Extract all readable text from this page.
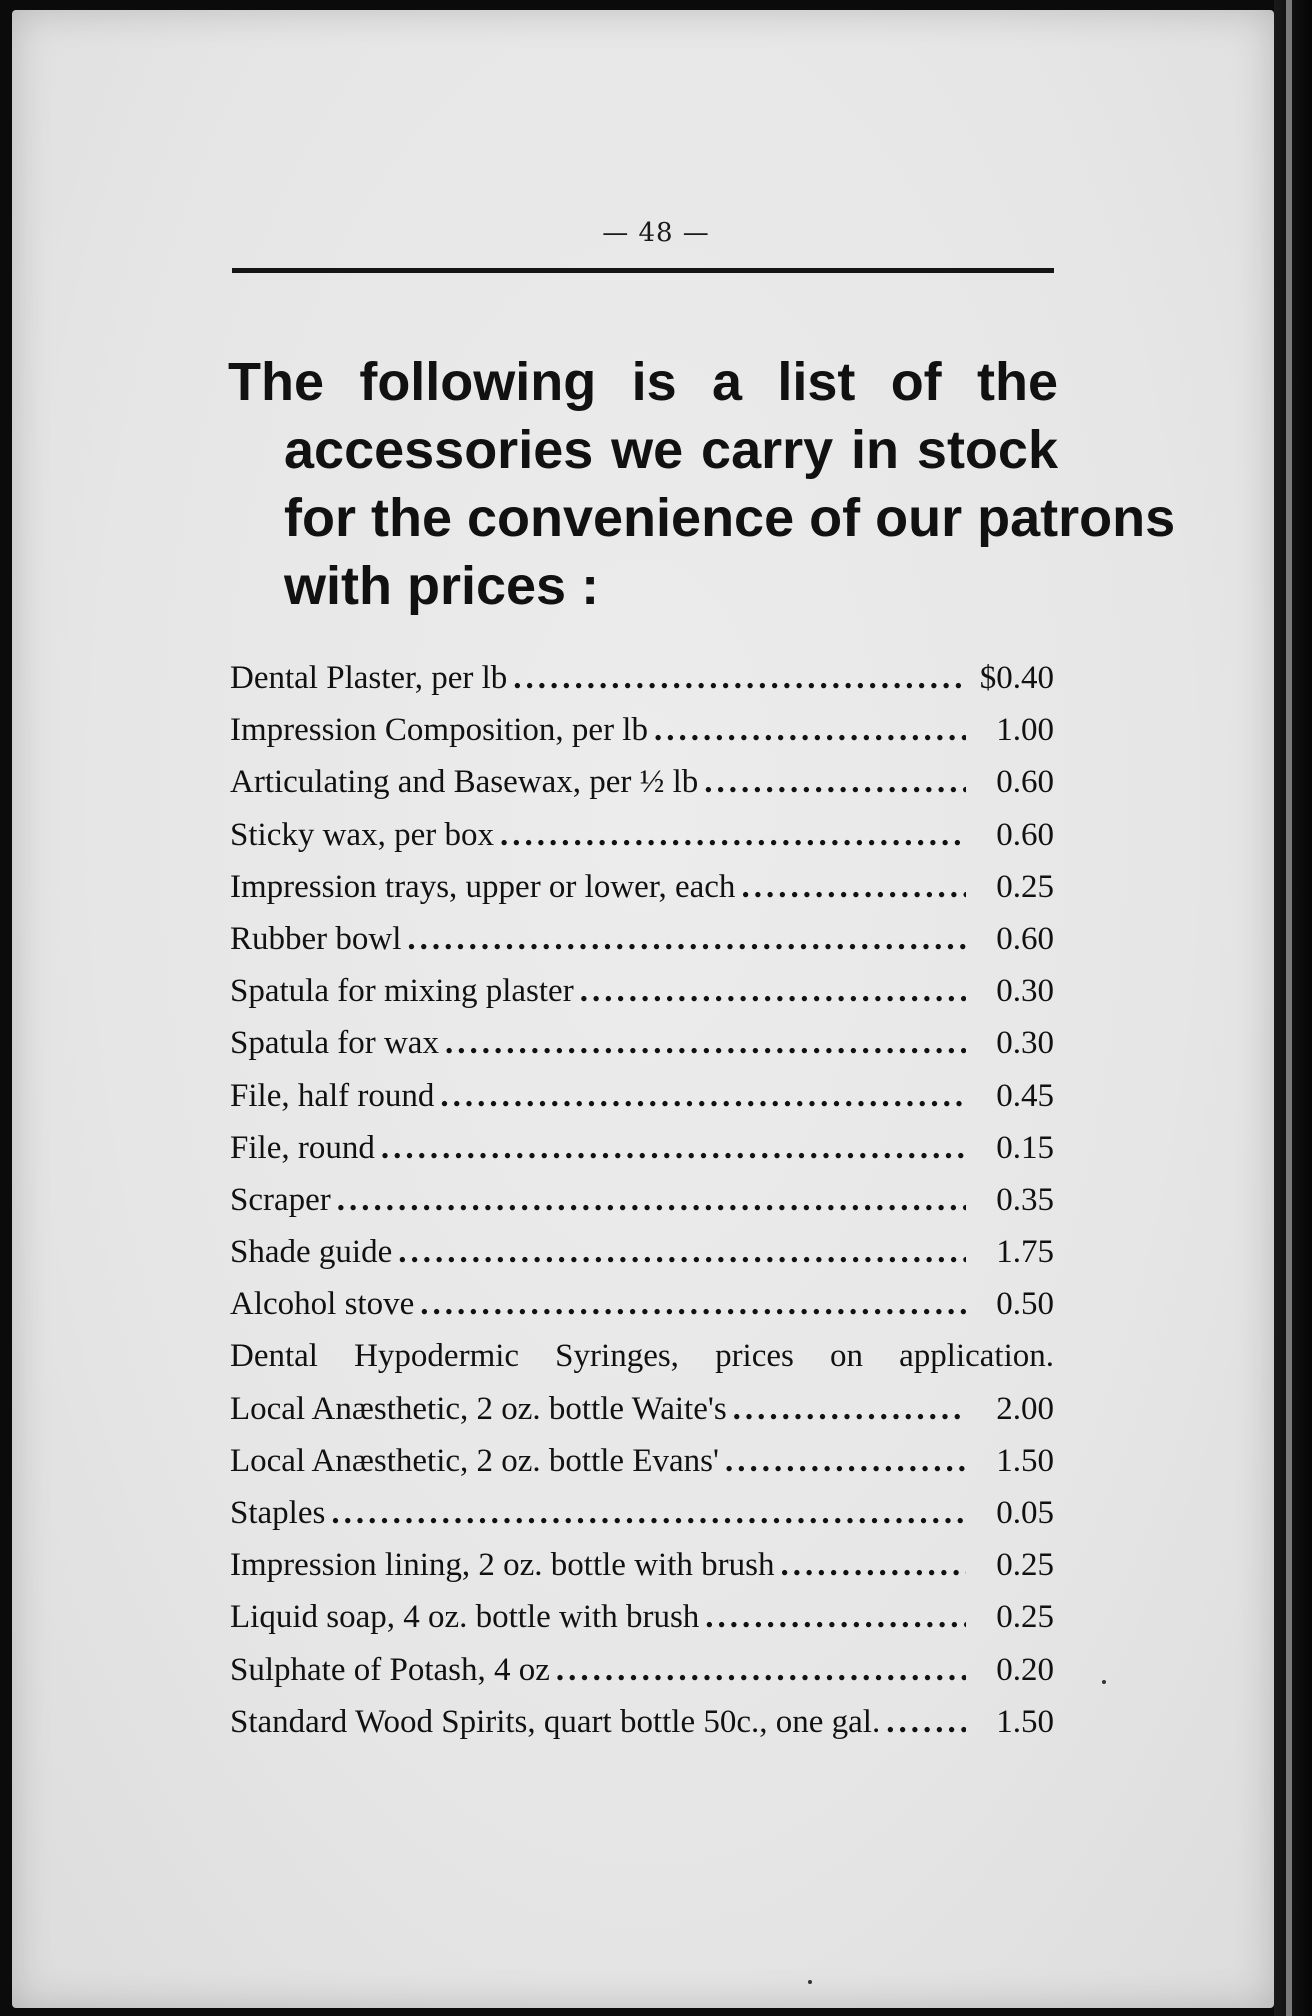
— 48 —
The following is a list of the
accessories we carry in stock
for the convenience of our patrons
with prices :
Dental Plaster, per lb .....	$0.40
Impression Composition, per lb .....	1.00
Articulating and Basewax, per ½ lb .....	0.60
Sticky wax, per box .....	0.60
Impression trays, upper or lower, each .....	0.25
Rubber bowl .....	0.60
Spatula for mixing plaster .....	0.30
Spatula for wax .....	0.30
File, half round .....	0.45
File, round .....	0.15
Scraper .....	0.35
Shade guide .....	1.75
Alcohol stove .....	0.50
Dental Hypodermic Syringes, prices on application.
Local Anæsthetic, 2 oz. bottle Waite's .....	2.00
Local Anæsthetic, 2 oz. bottle Evans' .....	1.50
Staples .....	0.05
Impression lining, 2 oz. bottle with brush .....	0.25
Liquid soap, 4 oz. bottle with brush .....	0.25
Sulphate of Potash, 4 oz .....	0.20
Standard Wood Spirits, quart bottle 50c., one gal. .....	1.50
